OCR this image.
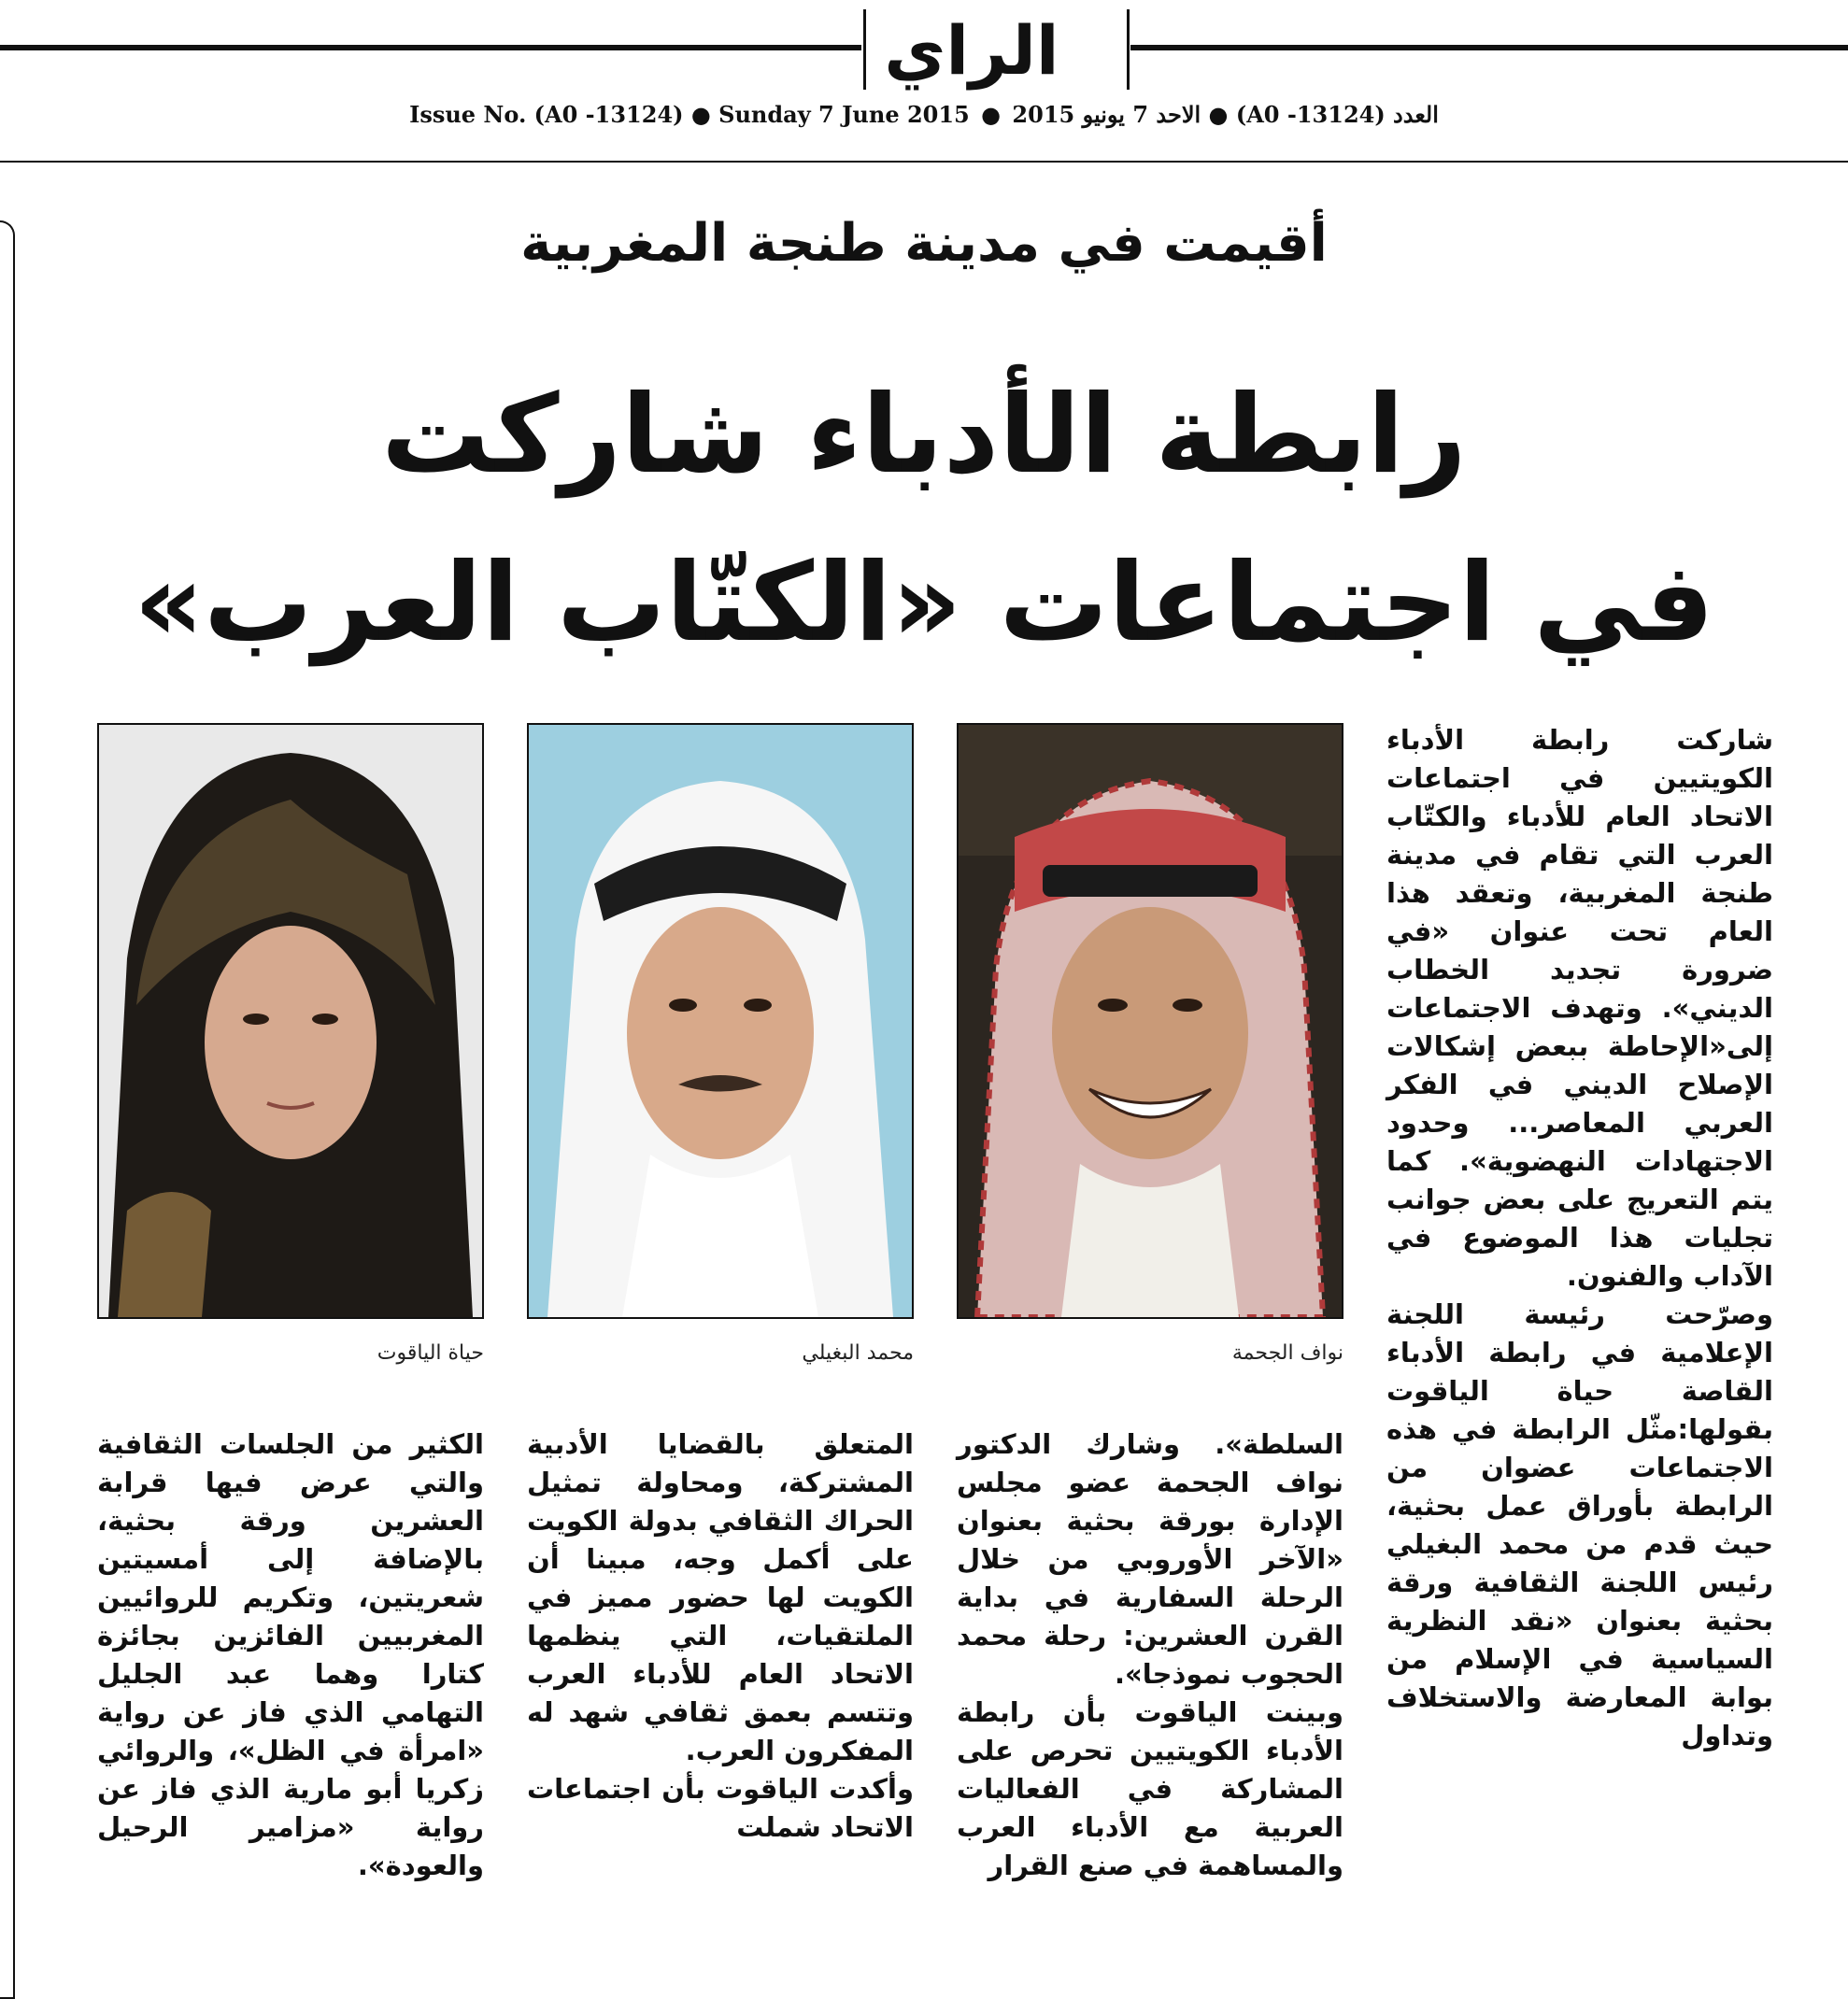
الراي
Issue No. (A0 -13124) ● Sunday 7 June 2015 ● العدد (13124- A0) ● الاحد 7 يونيو 2015
أقيمت في مدينة طنجة المغربية
رابطة الأدباء شاركت
في اجتماعات «الكتّاب العرب»
نواف الجحمة
محمد البغيلي
حياة الياقوت

شاركت رابطة الأدباء الكويتيين في اجتماعات الاتحاد العام للأدباء والكتّاب العرب التي تقام في مدينة طنجة المغربية، وتعقد هذا العام تحت عنوان «في ضرورة تجديد الخطاب الديني». وتهدف الاجتماعات إلى«الإحاطة ببعض إشكالات الإصلاح الديني في الفكر العربي المعاصر... وحدود الاجتهادات النهضوية». كما يتم التعريج على بعض جوانب تجليات هذا الموضوع في الآداب والفنون.

وصرّحت رئيسة اللجنة الإعلامية في رابطة الأدباء القاصة حياة الياقوت بقولها:مثّل الرابطة في هذه الاجتماعات عضوان من الرابطة بأوراق عمل بحثية، حيث قدم من محمد البغيلي رئيس اللجنة الثقافية ورقة بحثية بعنوان «نقد النظرية السياسية في الإسلام من بوابة المعارضة والاستخلاف وتداول

السلطة». وشارك الدكتور نواف الجحمة عضو مجلس الإدارة بورقة بحثية بعنوان «الآخر الأوروبي من خلال الرحلة السفارية في بداية القرن العشرين: رحلة محمد الحجوب نموذجا».

وبينت الياقوت بأن رابطة الأدباء الكويتيين تحرص على المشاركة في الفعاليات العربية مع الأدباء العرب والمساهمة في صنع القرار

المتعلق بالقضايا الأدبية المشتركة، ومحاولة تمثيل الحراك الثقافي بدولة الكويت على أكمل وجه، مبينا أن الكويت لها حضور مميز في الملتقيات، التي ينظمها الاتحاد العام للأدباء العرب وتتسم بعمق ثقافي شهد له المفكرون العرب.

وأكدت الياقوت بأن اجتماعات الاتحاد شملت

الكثير من الجلسات الثقافية والتي عرض فيها قرابة العشرين ورقة بحثية، بالإضافة إلى أمسيتين شعريتين، وتكريم للروائيين المغربيين الفائزين بجائزة كتارا وهما عبد الجليل التهامي الذي فاز عن رواية «امرأة في الظل»، والروائي زكريا أبو مارية الذي فاز عن رواية «مزامير الرحيل والعودة».
